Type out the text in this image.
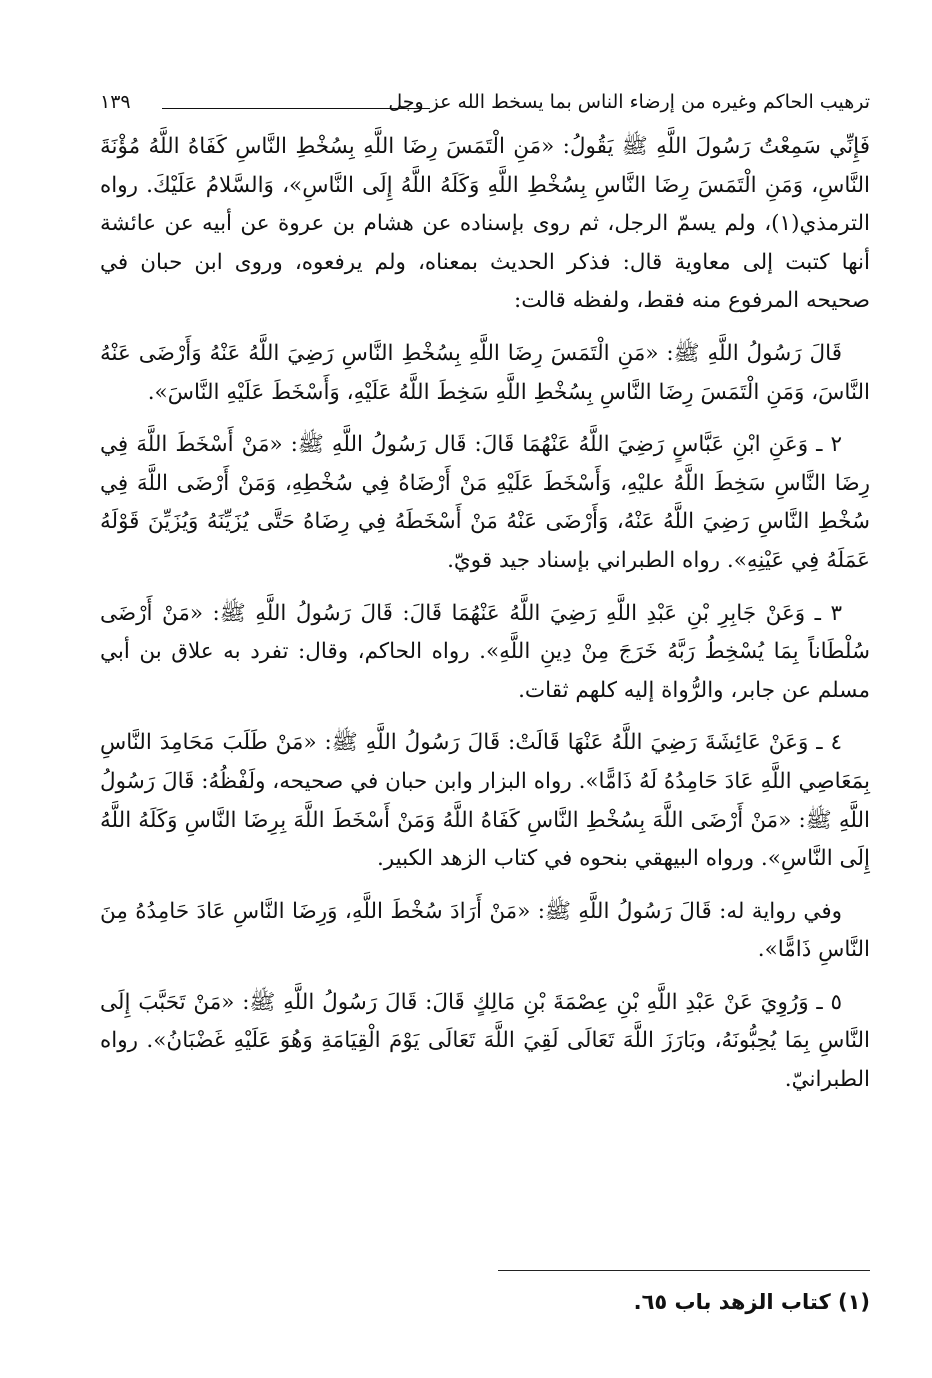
ترهيب الحاكم وغيره من إرضاء الناس بما يسخط الله عز وجل
١٣٩

فَإِنِّي سَمِعْتُ رَسُولَ اللَّهِ ﷺ يَقُولُ: «مَنِ الْتَمَسَ رِضَا اللَّهِ بِسُخْطِ النَّاسِ كَفَاهُ اللَّهُ مُؤْنَةَ النَّاسِ، وَمَنِ الْتَمَسَ رِضَا النَّاسِ بِسُخْطِ اللَّهِ وَكَلَهُ اللَّهُ إِلَى النَّاسِ»، وَالسَّلامُ عَلَيْكَ. رواه الترمذي(١)، ولم يسمّ الرجل، ثم روى بإسناده عن هشام بن عروة عن أبيه عن عائشة أنها كتبت إلى معاوية قال: فذكر الحديث بمعناه، ولم يرفعوه، وروى ابن حبان في صحيحه المرفوع منه فقط، ولفظه قالت:

قَالَ رَسُولُ اللَّهِ ﷺ: «مَنِ الْتَمَسَ رِضَا اللَّهِ بِسُخْطِ النَّاسِ رَضِيَ اللَّهُ عَنْهُ وَأَرْضَى عَنْهُ النَّاسَ، وَمَنِ الْتَمَسَ رِضَا النَّاسِ بِسُخْطِ اللَّهِ سَخِطَ اللَّهُ عَلَيْهِ، وَأَسْخَطَ عَلَيْهِ النَّاسَ».

٢ ـ وَعَنِ ابْنِ عَبَّاسٍ رَضِيَ اللَّهُ عَنْهُمَا قَالَ: قَال رَسُولُ اللَّهِ ﷺ: «مَنْ أَسْخَطَ اللَّهَ فِي رِضَا النَّاسِ سَخِطَ اللَّهُ عليْهِ، وَأَسْخَطَ عَلَيْهِ مَنْ أَرْضَاهُ فِي سُخْطِهِ، وَمَنْ أَرْضَى اللَّهَ فِي سُخْطِ النَّاسِ رَضِيَ اللَّهُ عَنْهُ، وَأَرْضَى عَنْهُ مَنْ أَسْخَطَهُ فِي رِضَاهُ حَتَّى يُزَيِّنَهُ وَيُزَيِّنَ قَوْلَهُ عَمَلَهُ فِي عَيْنِهِ». رواه الطبراني بإسناد جيد قويّ.

٣ ـ وَعَنْ جَابِرِ بْنِ عَبْدِ اللَّهِ رَضِيَ اللَّهُ عَنْهُمَا قَالَ: قَالَ رَسُولُ اللَّهِ ﷺ: «مَنْ أَرْضَى سُلْطَاناً بِمَا يُسْخِطُ رَبَّهُ خَرَجَ مِنْ دِينِ اللَّهِ». رواه الحاكم، وقال: تفرد به علاق بن أبي مسلم عن جابر، والرُّواة إليه كلهم ثقات.

٤ ـ وَعَنْ عَائِشَةَ رَضِيَ اللَّهُ عَنْهَا قَالَتْ: قَالَ رَسُولُ اللَّهِ ﷺ: «مَنْ طَلَبَ مَحَامِدَ النَّاسِ بِمَعَاصِي اللَّهِ عَادَ حَامِدُهُ لَهُ ذَامًّا». رواه البزار وابن حبان في صحيحه، ولَفْظُهُ: قَالَ رَسُولُ اللَّهِ ﷺ: «مَنْ أَرْضَى اللَّهَ بِسُخْطِ النَّاسِ كَفَاهُ اللَّهُ وَمَنْ أَسْخَطَ اللَّهَ بِرِضَا النَّاسِ وَكَلَهُ اللَّهُ إِلَى النَّاسِ». ورواه البيهقي بنحوه في كتاب الزهد الكبير.

وفي رواية له: قَالَ رَسُولُ اللَّهِ ﷺ: «مَنْ أَرَادَ سُخْطَ اللَّهِ، وَرِضَا النَّاسِ عَادَ حَامِدُهُ مِنَ النَّاسِ ذَامًّا».

٥ ـ وَرُوِيَ عَنْ عَبْدِ اللَّهِ بْنِ عِصْمَةَ بْنِ مَالِكٍ قَالَ: قَالَ رَسُولُ اللَّهِ ﷺ: «مَنْ تَحَبَّبَ إِلَى النَّاسِ بِمَا يُحِبُّونَهُ، وبَارَزَ اللَّهَ تَعَالَى لَقِيَ اللَّهَ تَعَالَى يَوْمَ الْقِيَامَةِ وَهُوَ عَلَيْهِ غَضْبَانُ». رواه الطبرانيّ.

(١) كتاب الزهد باب ٦٥.
